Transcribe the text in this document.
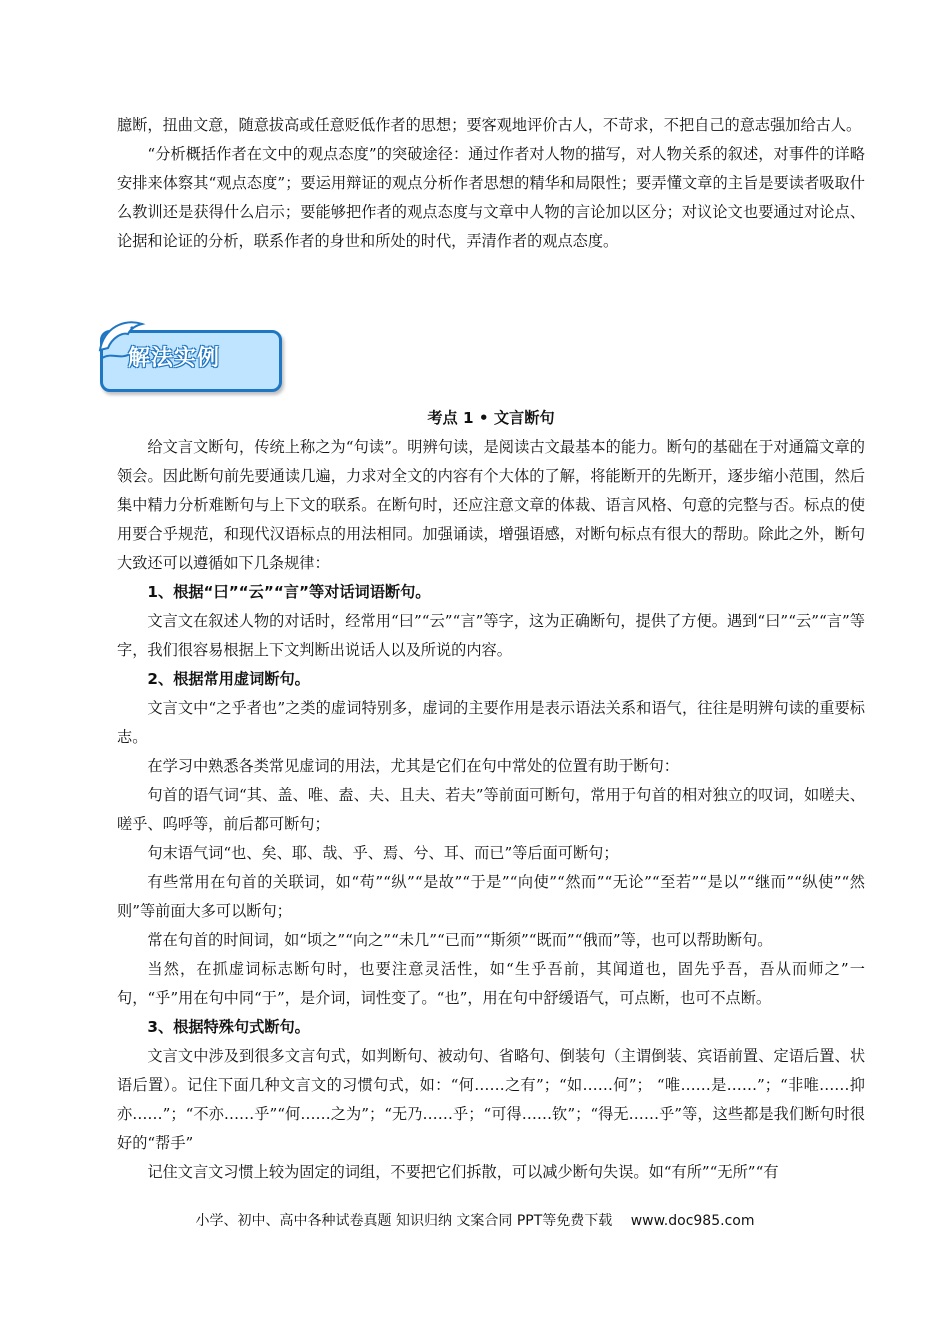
臆断，扭曲文意，随意拔高或任意贬低作者的思想；要客观地评价古人，不苛求，不把自己的意志强加给古人。

“分析概括作者在文中的观点态度”的突破途径：通过作者对人物的描写，对人物关系的叙述，对事件的详略安排来体察其“观点态度”；要运用辩证的观点分析作者思想的精华和局限性；要弄懂文章的主旨是要读者吸取什么教训还是获得什么启示；要能够把作者的观点态度与文章中人物的言论加以区分；对议论文也要通过对论点、论据和论证的分析，联系作者的身世和所处的时代，弄清作者的观点态度。

解法实例

考点 1 • 文言断句

给文言文断句，传统上称之为“句读”。明辨句读，是阅读古文最基本的能力。断句的基础在于对通篇文章的领会。因此断句前先要通读几遍，力求对全文的内容有个大体的了解，将能断开的先断开，逐步缩小范围，然后集中精力分析难断句与上下文的联系。在断句时，还应注意文章的体裁、语言风格、句意的完整与否。标点的使用要合乎规范，和现代汉语标点的用法相同。加强诵读，增强语感，对断句标点有很大的帮助。除此之外，断句大致还可以遵循如下几条规律：

1、根据“曰”“云”“言”等对话词语断句。

文言文在叙述人物的对话时，经常用“曰”“云”“言”等字，这为正确断句，提供了方便。遇到“曰”“云”“言”等字，我们很容易根据上下文判断出说话人以及所说的内容。

2、根据常用虚词断句。

文言文中“之乎者也”之类的虚词特别多，虚词的主要作用是表示语法关系和语气，往往是明辨句读的重要标志。

在学习中熟悉各类常见虚词的用法，尤其是它们在句中常处的位置有助于断句：

句首的语气词“其、盖、唯、盍、夫、且夫、若夫”等前面可断句，常用于句首的相对独立的叹词，如嗟夫、嗟乎、呜呼等，前后都可断句；

句末语气词“也、矣、耶、哉、乎、焉、兮、耳、而已”等后面可断句；

有些常用在句首的关联词，如“苟”“纵”“是故”“于是”“向使”“然而”“无论”“至若”“是以”“继而”“纵使”“然则”等前面大多可以断句；

常在句首的时间词，如“顷之”“向之”“未几”“已而”“斯须”“既而”“俄而”等，也可以帮助断句。

当然，在抓虚词标志断句时，也要注意灵活性，如“生乎吾前，其闻道也，固先乎吾，吾从而师之”一句，“乎”用在句中同“于”，是介词，词性变了。“也”，用在句中舒缓语气，可点断，也可不点断。

3、根据特殊句式断句。

文言文中涉及到很多文言句式，如判断句、被动句、省略句、倒装句（主谓倒装、宾语前置、定语后置、状语后置）。记住下面几种文言文的习惯句式，如：“何……之有”；“如……何”； “唯……是……”；“非唯……抑亦……”；“不亦……乎”“何……之为”；“无乃……乎；“可得……钦”；“得无……乎”等，这些都是我们断句时很好的“帮手”

记住文言文习惯上较为固定的词组，不要把它们拆散，可以减少断句失误。如“有所”“无所”“有

小学、初中、高中各种试卷真题 知识归纳 文案合同 PPT等免费下载　 www.doc985.com
